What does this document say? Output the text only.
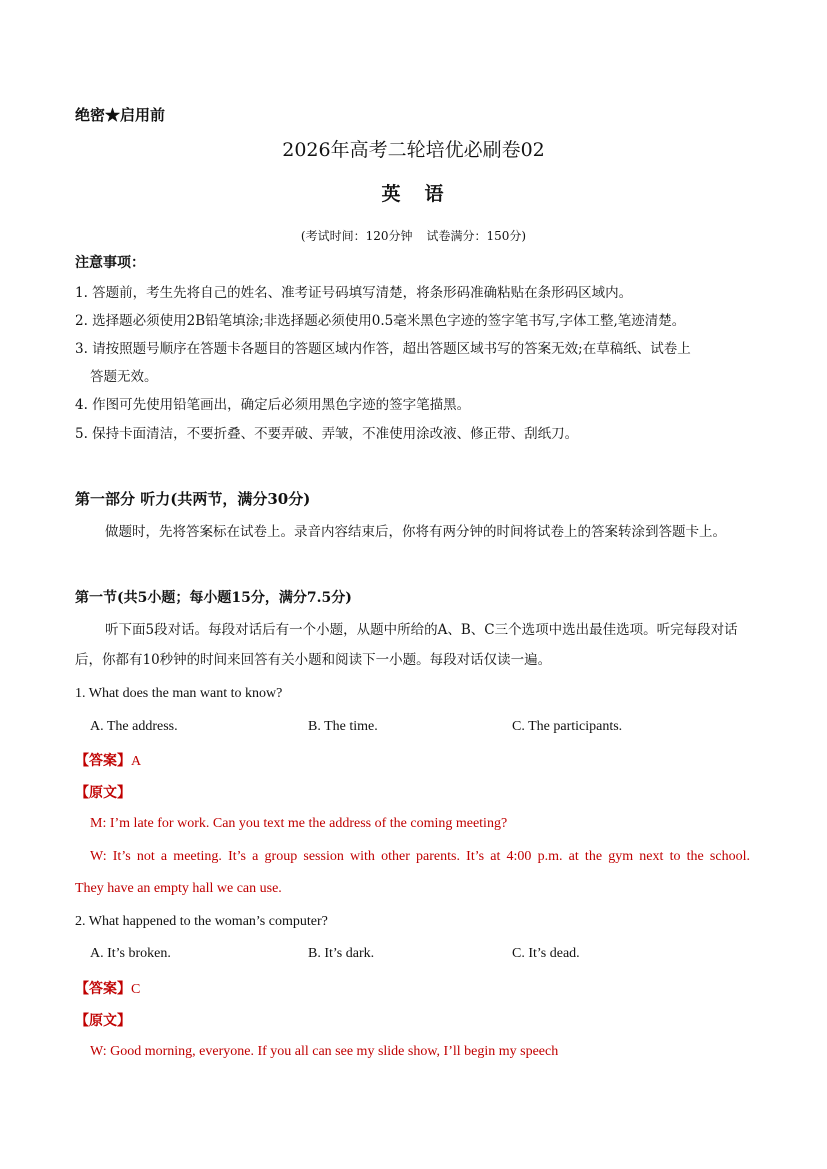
绝密★启用前
2026年高考二轮培优必刷卷02
英 语
(考试时间：120分钟 试卷满分：150分)
注意事项：
1. 答题前，考生先将自己的姓名、准考证号码填写清楚，将条形码准确粘贴在条形码区域内。
2. 选择题必须使用2B铅笔填涂;非选择题必须使用0.5毫米黑色字迹的签字笔书写,字体工整,笔迹清楚。
3. 请按照题号顺序在答题卡各题目的答题区域内作答，超出答题区域书写的答案无效;在草稿纸、试卷上
答题无效。
4. 作图可先使用铅笔画出，确定后必须用黑色字迹的签字笔描黑。
5. 保持卡面清洁，不要折叠、不要弄破、弄皱，不准使用涂改液、修正带、刮纸刀。
第一部分 听力(共两节，满分30分)
做题时，先将答案标在试卷上。录音内容结束后，你将有两分钟的时间将试卷上的答案转涂到答题卡上。
第一节(共5小题；每小题15分，满分7.5分)
听下面5段对话。每段对话后有一个小题，从题中所给的A、B、C三个选项中选出最佳选项。听完每段对话后，你都有10秒钟的时间来回答有关小题和阅读下一小题。每段对话仅读一遍。
1. What does the man want to know?
A. The address.	B. The time.	C. The participants.
【答案】A
【原文】
M: I’m late for work. Can you text me the address of the coming meeting?
W: It’s not a meeting. It’s a group session with other parents. It’s at 4:00 p.m. at the gym next to the school.
They have an empty hall we can use.
2. What happened to the woman’s computer?
A. It’s broken.	B. It’s dark.	C. It’s dead.
【答案】C
【原文】
W: Good morning, everyone. If you all can see my slide show, I’ll begin my speech
